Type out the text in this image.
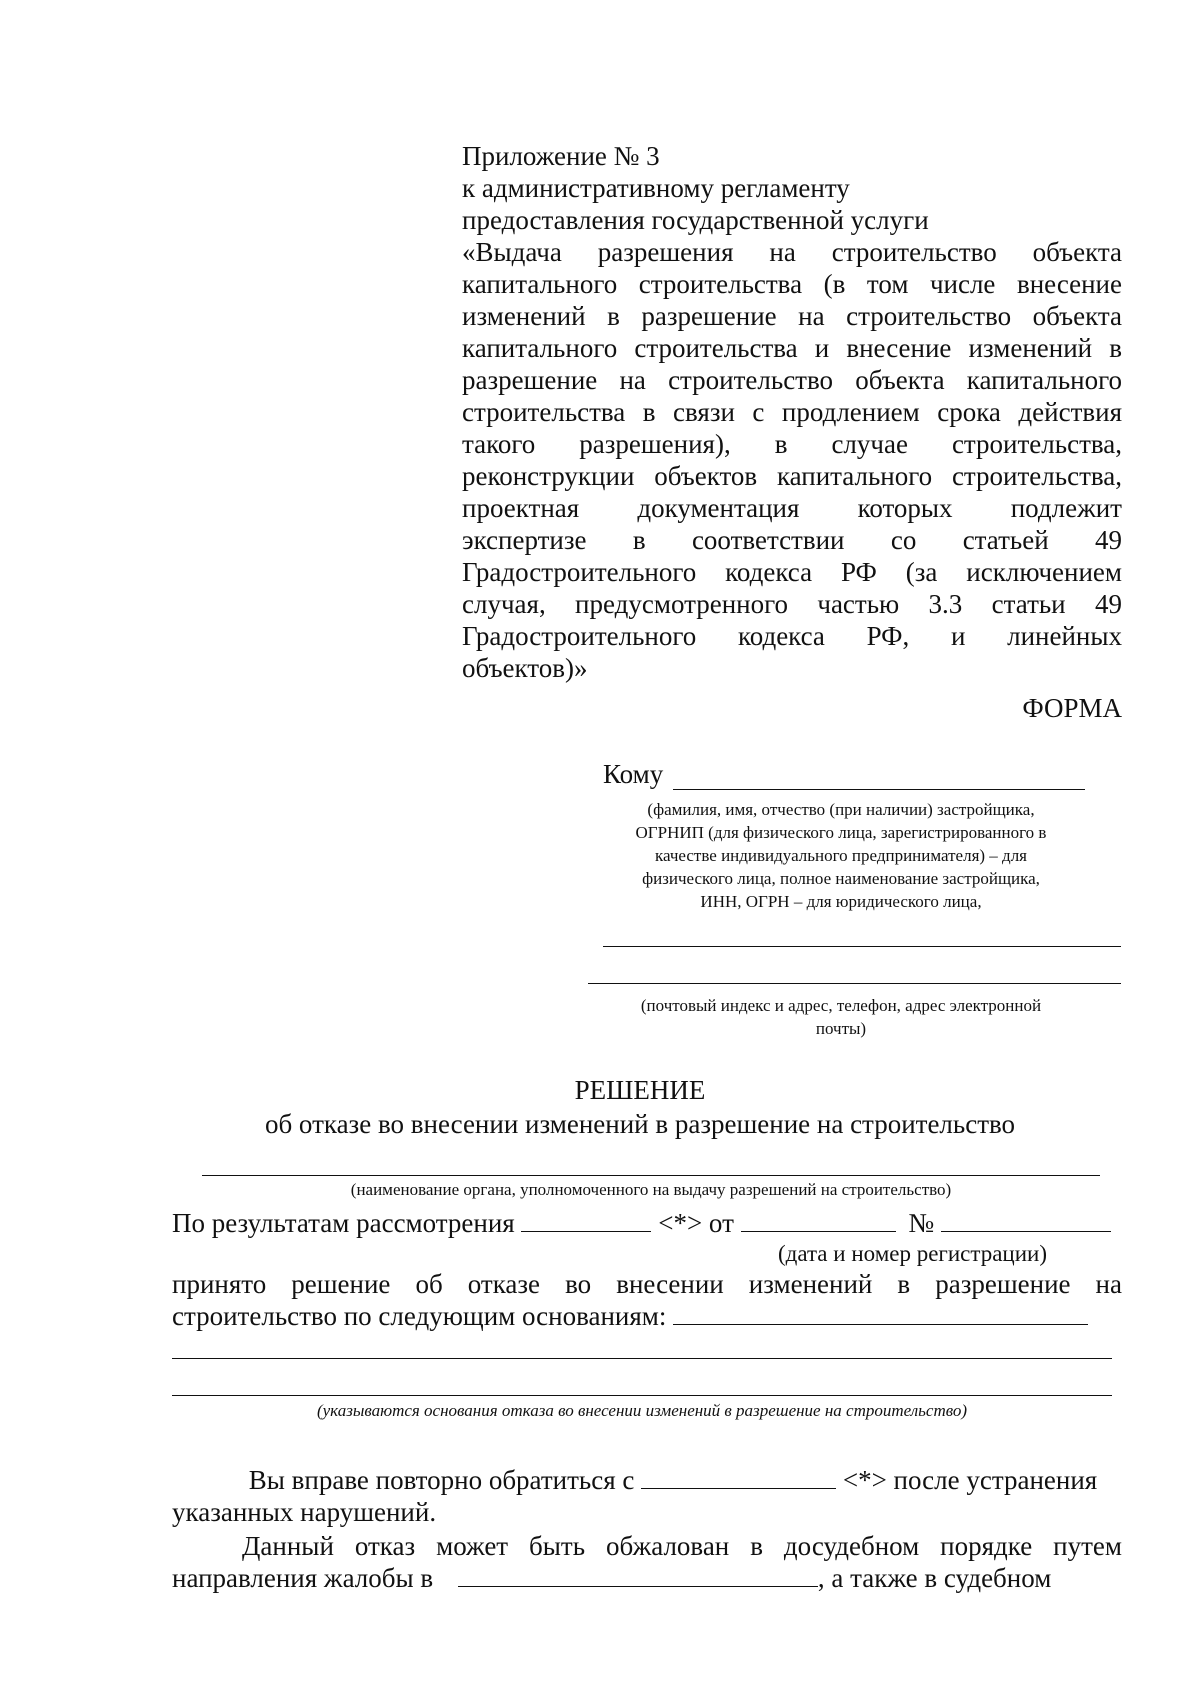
Приложение № 3
к административному регламенту
предоставления государственной услуги
«Выдача разрешения на строительство объекта
капитального строительства (в том числе внесение
изменений в разрешение на строительство объекта
капитального строительства и внесение изменений в
разрешение на строительство объекта капитального
строительства в связи с продлением срока действия
такого разрешения), в случае строительства,
реконструкции объектов капитального строительства,
проектная документация которых подлежит
экспертизе в соответствии со статьей 49
Градостроительного кодекса РФ (за исключением
случая, предусмотренного частью 3.3 статьи 49
Градостроительного кодекса РФ, и линейных
объектов)»
ФОРМА
Кому
(фамилия, имя, отчество (при наличии) застройщика,
ОГРНИП (для физического лица, зарегистрированного в
качестве индивидуального предпринимателя) – для
физического лица, полное наименование застройщика,
ИНН, ОГРН – для юридического лица,
(почтовый индекс и адрес, телефон, адрес электронной
почты)
РЕШЕНИЕ
об отказе во внесении изменений в разрешение на строительство
(наименование органа, уполномоченного на выдачу разрешений на строительство)
По результатам рассмотрения	<*> от	№
(дата и номер регистрации)
принято решение об отказе во внесении изменений в разрешение на
строительство по следующим основаниям:
(указываются основания отказа во внесении изменений в разрешение на строительство)
Вы вправе повторно обратиться с	<*> после устранения
указанных нарушений.
Данный отказ может быть обжалован в досудебном порядке путем
направления жалобы в	, а также в судебном
